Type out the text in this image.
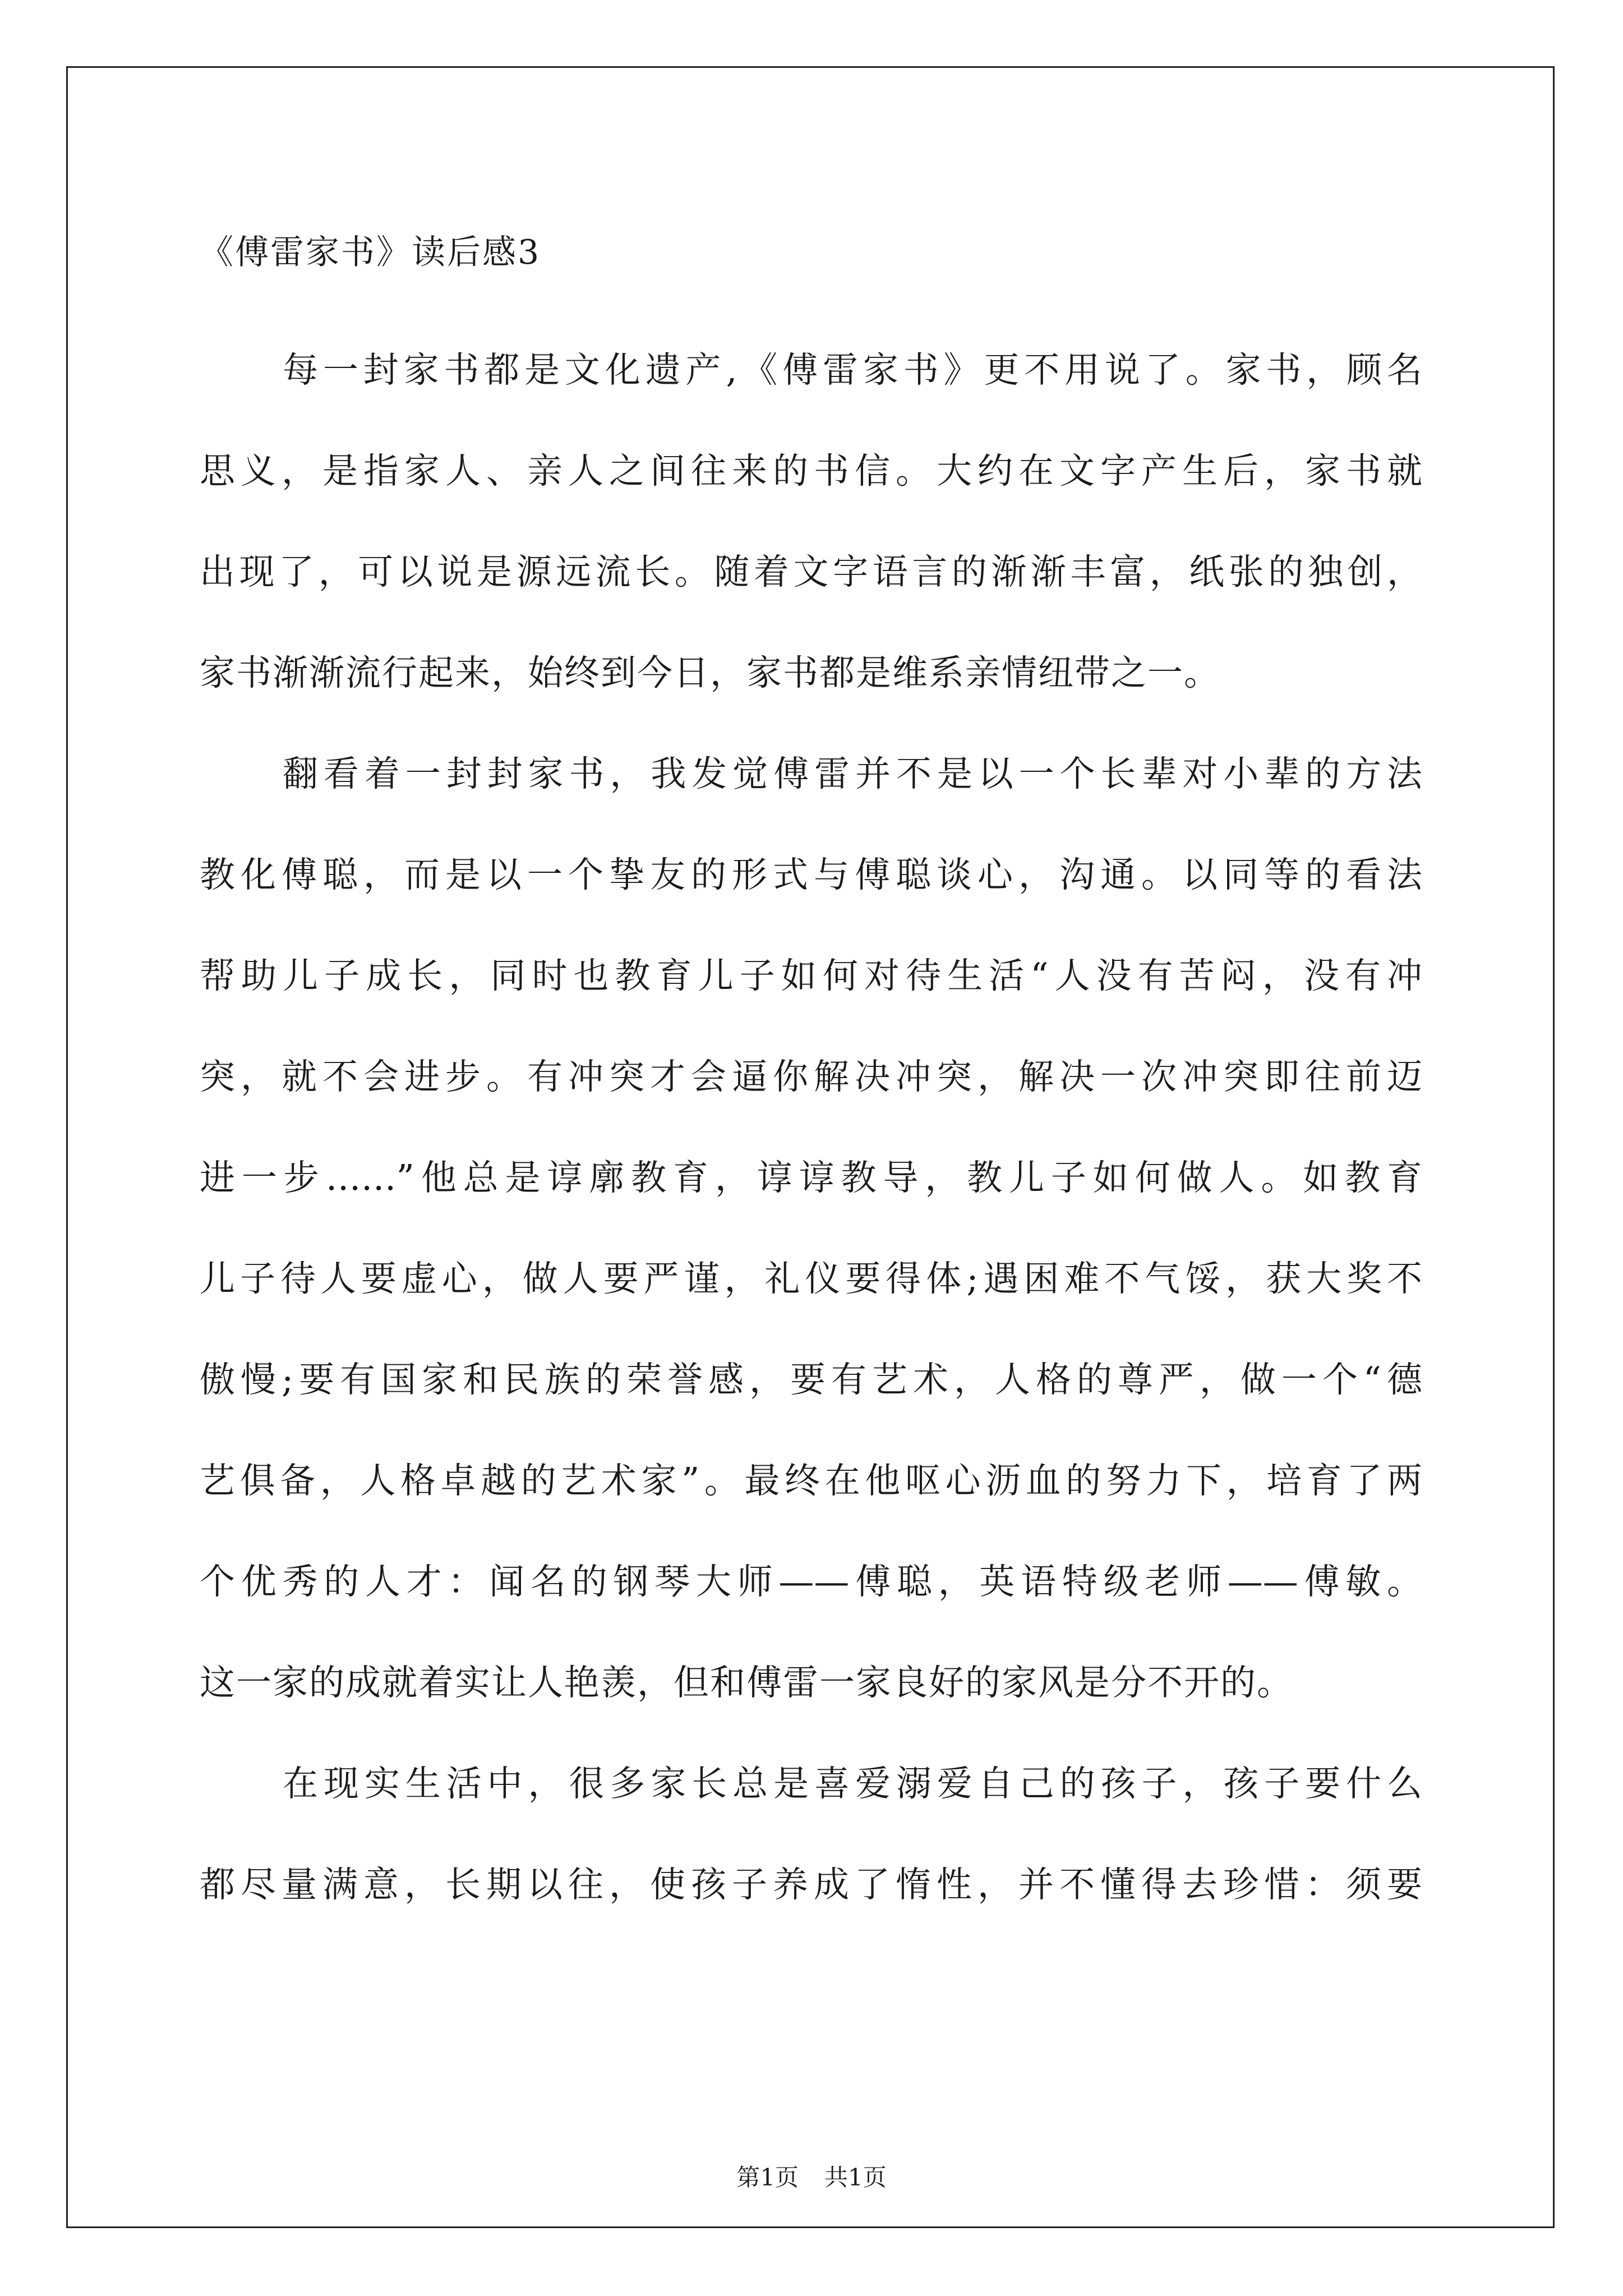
《傅雷家书》读后感3
每一封家书都是文化遗产,《傅雷家书》更不用说了。家书，顾名
思义，是指家人、亲人之间往来的书信。大约在文字产生后，家书就
出现了，可以说是源远流长。随着文字语言的渐渐丰富，纸张的独创，
家书渐渐流行起来，始终到今日，家书都是维系亲情纽带之一。
翻看着一封封家书，我发觉傅雷并不是以一个长辈对小辈的方法
教化傅聪，而是以一个挚友的形式与傅聪谈心，沟通。以同等的看法
帮助儿子成长，同时也教育儿子如何对待生活“人没有苦闷，没有冲
突，就不会进步。有冲突才会逼你解决冲突，解决一次冲突即往前迈
进一步……”他总是谆廓教育，谆谆教导，教儿子如何做人。如教育
儿子待人要虚心，做人要严谨，礼仪要得体;遇困难不气馁，获大奖不
傲慢;要有国家和民族的荣誉感，要有艺术，人格的尊严，做一个“德
艺俱备，人格卓越的艺术家”。最终在他呕心沥血的努力下，培育了两
个优秀的人才：闻名的钢琴大师——傅聪，英语特级老师——傅敏。
这一家的成就着实让人艳羡，但和傅雷一家良好的家风是分不开的。
在现实生活中，很多家长总是喜爱溺爱自己的孩子，孩子要什么
都尽量满意，长期以往，使孩子养成了惰性，并不懂得去珍惜：须要
第1页 共1页
